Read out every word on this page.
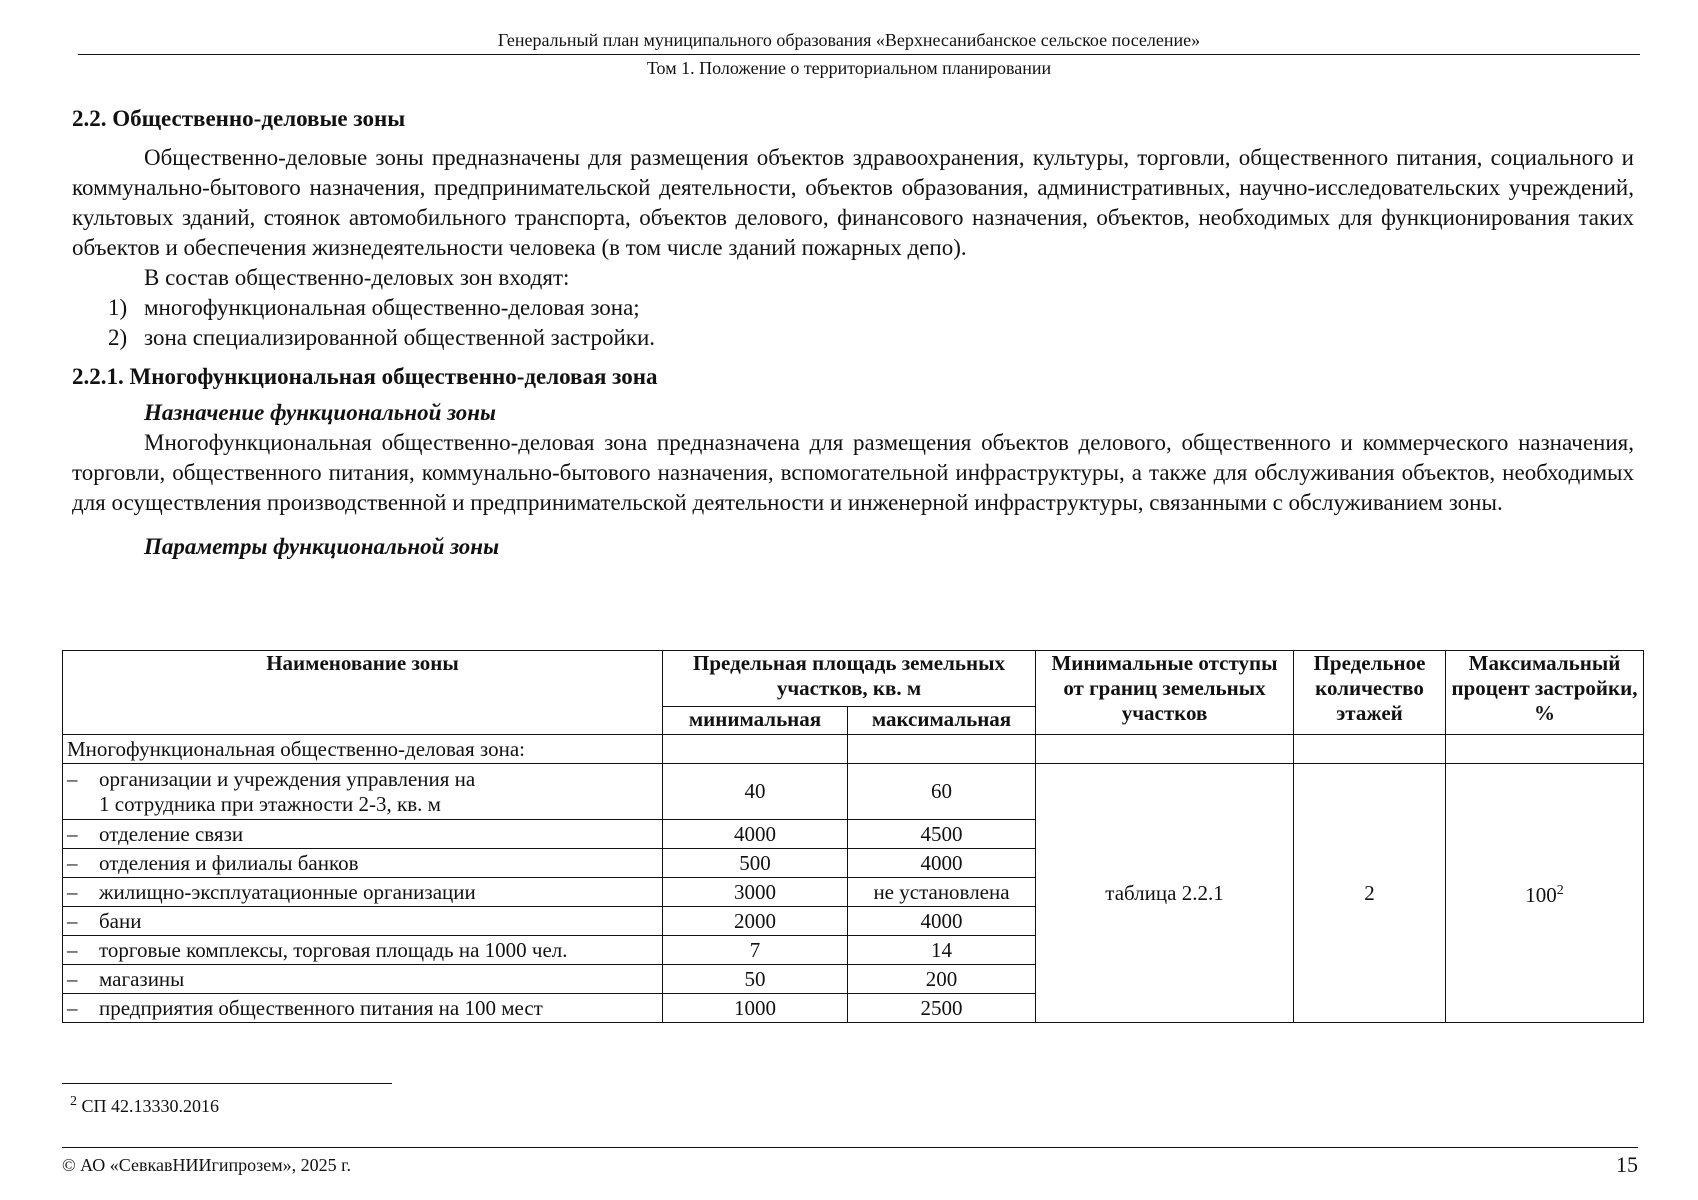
Генеральный план муниципального образования «Верхнесанибанское сельское поселение»
Том 1. Положение о территориальном планировании
2.2. Общественно-деловые зоны

Общественно-деловые зоны предназначены для размещения объектов здравоохранения, культуры, торговли, общественного питания, социального и коммунально-бытового назначения, предпринимательской деятельности, объектов образования, административных, научно-исследовательских учреждений, культовых зданий, стоянок автомобильного транспорта, объектов делового, финансового назначения, объектов, необходимых для функционирования таких объектов и обеспечения жизнедеятельности человека (в том числе зданий пожарных депо).

В состав общественно-деловых зон входят:

1) многофункциональная общественно-деловая зона;
2) зона специализированной общественной застройки.
2.2.1. Многофункциональная общественно-деловая зона
Назначение функциональной зоны

Многофункциональная общественно-деловая зона предназначена для размещения объектов делового, общественного и коммерческого назначения, торговли, общественного питания, коммунально-бытового назначения, вспомогательной инфраструктуры, а также для обслуживания объектов, необходимых для осуществления производственной и предпринимательской деятельности и инженерной инфраструктуры, связанными с обслуживанием зоны.

Параметры функциональной зоны
Наименование зоны	Предельная площадь земельных участков, кв. м		Минимальные отступы от границ земельных участков	Предельное количество этажей	Максимальный процент застройки, %
	минимальная	максимальная			
Многофункциональная общественно-деловая зона:					

– организации и учреждения управления на
1 сотрудника при этажности 2-3, кв. м	40	60	таблица 2.2.1	2	$100^2$

– отделение связи	4000	4500			

– отделения и филиалы банков	500	4000			

– жилищно-эксплуатационные организации	3000	не установлена			

– бани	2000	4000			

– торговые комплексы, торговая площадь на 1000 чел.	7	14			

– магазины	50	200			

– предприятия общественного питания на 100 мест	1000	2500			
$^2$ СП 42.13330.2016
© АО «СевкавНИИгипрозем», 2025 г.	15
